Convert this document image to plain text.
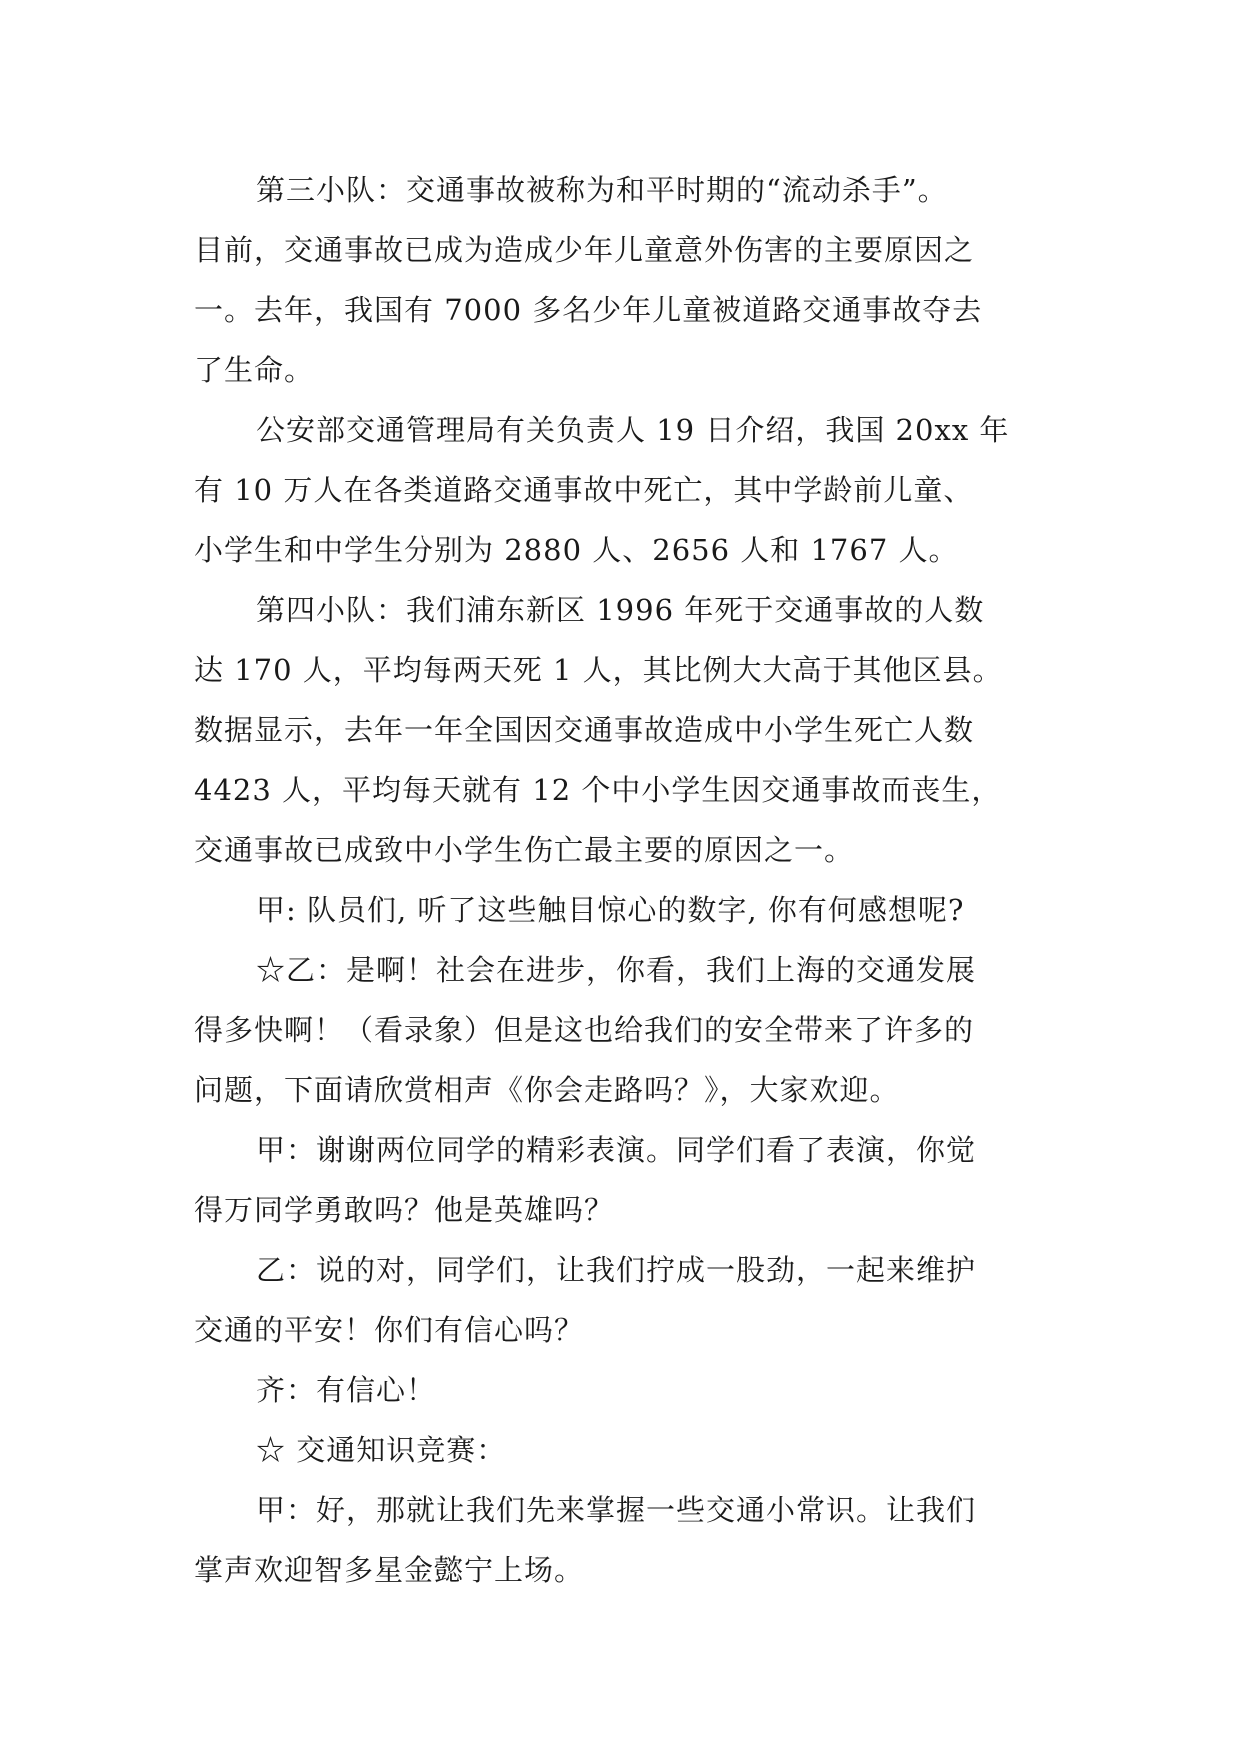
第三小队：交通事故被称为和平时期的“流动杀手”。
目前，交通事故已成为造成少年儿童意外伤害的主要原因之
一。去年，我国有 7000 多名少年儿童被道路交通事故夺去
了生命。
公安部交通管理局有关负责人 19 日介绍，我国 20xx 年
有 10 万人在各类道路交通事故中死亡，其中学龄前儿童、
小学生和中学生分别为 2880 人、2656 人和 1767 人。
第四小队：我们浦东新区 1996 年死于交通事故的人数
达 170 人，平均每两天死 1 人，其比例大大高于其他区县。
数据显示，去年一年全国因交通事故造成中小学生死亡人数
4423 人，平均每天就有 12 个中小学生因交通事故而丧生，
交通事故已成致中小学生伤亡最主要的原因之一。
甲: 队员们, 听了这些触目惊心的数字, 你有何感想呢?
☆乙：是啊！社会在进步，你看，我们上海的交通发展
得多快啊！（看录象）但是这也给我们的安全带来了许多的
问题，下面请欣赏相声《你会走路吗？》，大家欢迎。
甲：谢谢两位同学的精彩表演。同学们看了表演，你觉
得万同学勇敢吗？他是英雄吗？
乙：说的对，同学们，让我们拧成一股劲，一起来维护
交通的平安！你们有信心吗？
齐：有信心！
☆ 交通知识竞赛：
甲：好，那就让我们先来掌握一些交通小常识。让我们
掌声欢迎智多星金懿宁上场。
